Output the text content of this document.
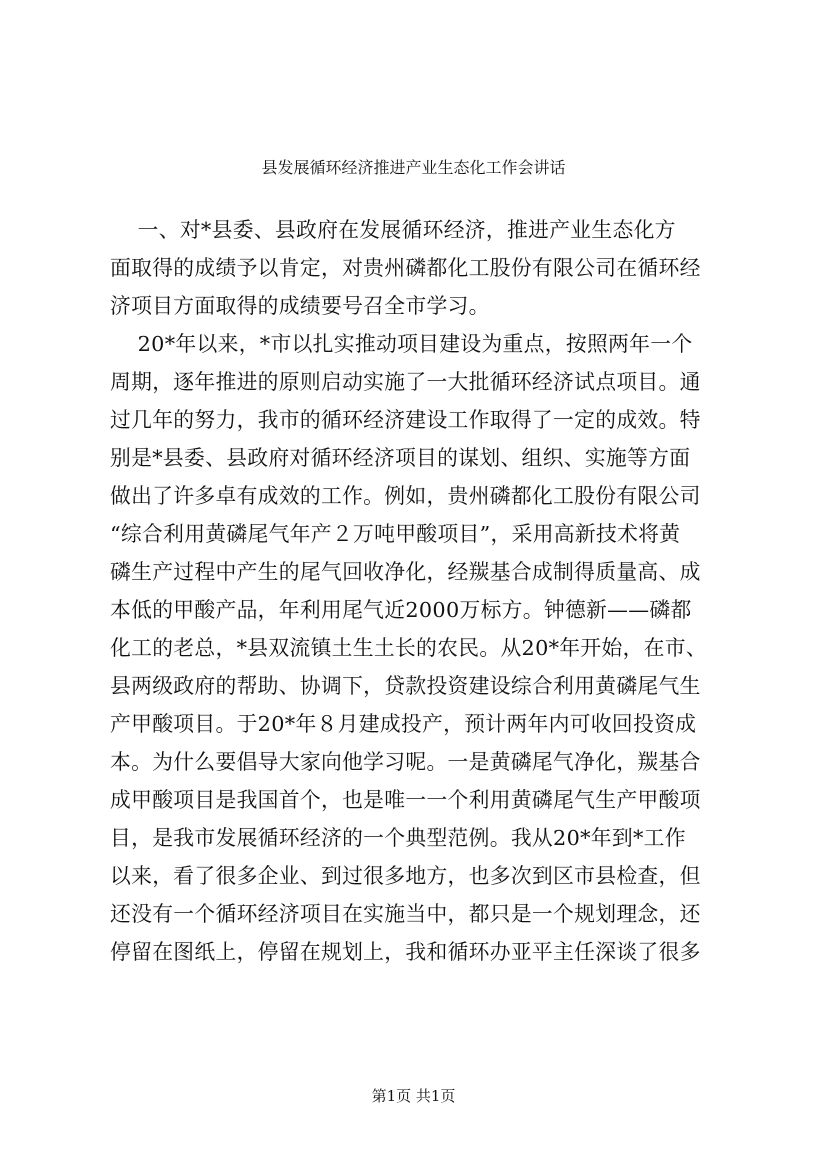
县发展循环经济推进产业生态化工作会讲话
一、对*县委、县政府在发展循环经济，推进产业生态化方
面取得的成绩予以肯定，对贵州磷都化工股份有限公司在循环经
济项目方面取得的成绩要号召全市学习。
20*年以来，*市以扎实推动项目建设为重点，按照两年一个
周期，逐年推进的原则启动实施了一大批循环经济试点项目。通
过几年的努力，我市的循环经济建设工作取得了一定的成效。特
别是*县委、县政府对循环经济项目的谋划、组织、实施等方面
做出了许多卓有成效的工作。例如，贵州磷都化工股份有限公司
“综合利用黄磷尾气年产２万吨甲酸项目”，采用高新技术将黄
磷生产过程中产生的尾气回收净化，经羰基合成制得质量高、成
本低的甲酸产品，年利用尾气近2000万标方。钟德新——磷都
化工的老总，*县双流镇土生土长的农民。从20*年开始，在市、
县两级政府的帮助、协调下，贷款投资建设综合利用黄磷尾气生
产甲酸项目。于20*年８月建成投产，预计两年内可收回投资成
本。为什么要倡导大家向他学习呢。一是黄磷尾气净化，羰基合
成甲酸项目是我国首个，也是唯一一个利用黄磷尾气生产甲酸项
目，是我市发展循环经济的一个典型范例。我从20*年到*工作
以来，看了很多企业、到过很多地方，也多次到区市县检查，但
还没有一个循环经济项目在实施当中，都只是一个规划理念，还
停留在图纸上，停留在规划上，我和循环办亚平主任深谈了很多
第1页 共1页
